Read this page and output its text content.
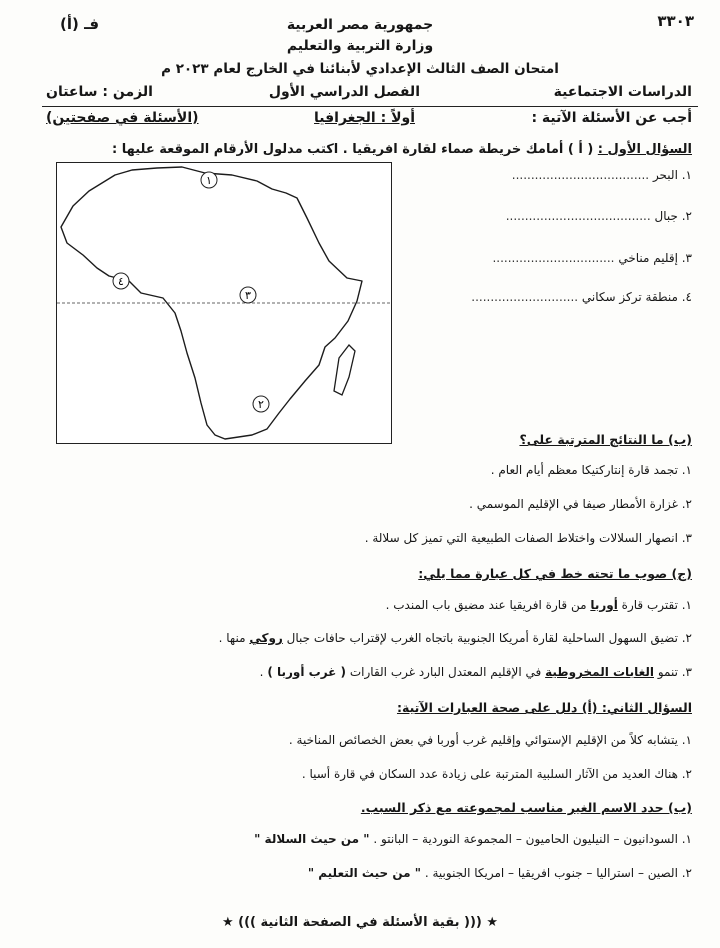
٣٣٠٣
فـ (أ)	جمهورية مصر العربية
وزارة التربية والتعليم
امتحان الصف الثالث الإعدادي لأبنائنا في الخارج لعام ٢٠٢٣ م
الدراسات الاجتماعية
الفصل الدراسي الأول
الزمن : ساعتان
أجب عن الأسئلة الآتية :
أولاً : الجغرافيا
(الأسئلة في صفحتين)
السؤال الأول : ( أ ) أمامك خريطة صماء لقارة افريقيا . اكتب مدلول الأرقام الموقعة عليها :
١
٣
٤
٢
١. البحر ....................................
٢. جبال ......................................
٣. إقليم مناخي ................................
٤. منطقة تركز سكاني ............................
(ب) ما النتائج المترتبة على؟
١. تجمد قارة إنتاركتيكا معظم أيام العام .
٢. غزارة الأمطار صيفا في الإقليم الموسمي .
٣. انصهار السلالات واختلاط الصفات الطبيعية التي تميز كل سلالة .
(ج) صوب ما تحته خط في كل عبارة مما يلي:
١. تقترب قارة أوربا من قارة افريقيا عند مضيق باب المندب .
٢. تضيق السهول الساحلية لقارة أمريكا الجنوبية باتجاه الغرب لإقتراب حافات جبال روكي منها .
٣. تنمو الغابات المخروطية في الإقليم المعتدل البارد غرب القارات ( غرب أوربا ) .
السؤال الثاني: (أ) دلل على صحة العبارات الآتية:
١. يتشابه كلاً من الإقليم الإستوائي وإقليم غرب أوربا في بعض الخصائص المناخية .
٢. هناك العديد من الآثار السلبية المترتبة على زيادة عدد السكان في قارة أسيا .
(ب) حدد الاسم الغير مناسب لمجموعته مع ذكر السبب.
١. السودانيون – النيليون الحاميون – المجموعة النوردية – البانتو . " من حيث السلالة "
٢. الصين – استراليا – جنوب افريقيا – امريكا الجنوبية . " من حيث التعليم "
★ ((( بقية الأسئلة في الصفحة الثانية ))) ★
